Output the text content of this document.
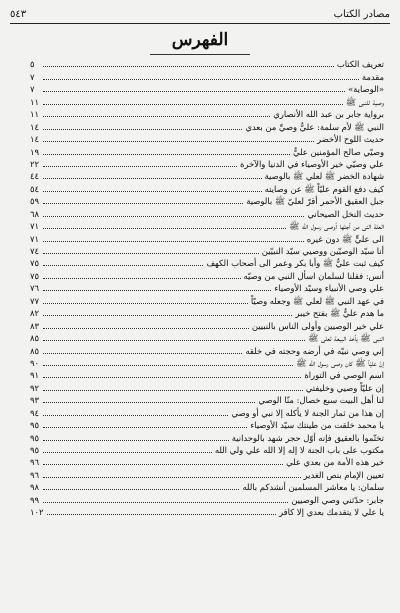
٥٤٣	مصادر الكتاب
الفهرس
تعريف الكتاب
٥
مقدمة
٧
«الوصاية»
٧
وصية للنبي ﷺ
١١
برواية جابر بن عبد الله الأنصاري
١١
النبي ﷺ لأم سلمة: عليٌّ وصيِّ من بعدي
١٤
حديث اللوح الأخضر
١٤
وصيّي صالح المؤمنين عليٌّ
١٩
علي وصيّي خير الأوصياء في الدنيا والآخرة
٢٢
شهادة الخضر ﷺ لعلي ﷺ بالوصية
٤٤
كيف دفع القوم عليّاً ﷺ عن وصايته
٥٤
جبل العقيق الأحمر أقرّ لعليّ ﷺ بالوصية
٥٩
حديث النخل الصيحاني
٦٨
العلة التي من أجلها أوصى رسول الله ﷺ
٧١
الى عليٍّ ﷺ دون غيره
٧١
أنا سيّد الوصيّين ووصيي سيّد النبيّين
٧٤
كيف ثبت عليٌّ ﷺ وأبا بكر وعمر الى أصحاب الكهف
٧٥
أنس: فقلنا لسلمان اسأل النبي من وصيّه
٧٥
علي وصي الأنبياء وسيّد الأوصياء
٧٦
في عهد النبي ﷺ لعلي ﷺ وجعله وصيّاً
٧٧
ما هدم عليٌّ ﷺ بفتح خيبر
٨٢
علي خير الوصيين وأولى الناس بالنبيين
٨٣
النبي ﷺ يأخذ البيعة لعلي ﷺ
٨٥
إني وصي نبيّه في أرضه وحجته في خلقه
٨٥
إنّ عليّاً ﷺ كان وصي رسول الله ﷺ
٩٠
اسم الوصي في التوراة
٩١
إن عليّاً وصيي وخليفتي
٩٢
لنا أهل البيت سبع خصال: منّا الوصي
٩٣
إن هذا من ثمار الجنة لا يأكله إلا نبي أو وصي
٩٤
يا محمد خلقت من طينتك سيّد الأوصياء
٩٥
تختّموا بالعقيق فإنه أوّل حجر شهد بالوحدانية
٩٥
مكتوب على باب الجنة لا إله إلا الله علي ولي الله
٩٥
خير هذه الأمة من بعدي علي
٩٦
تعيين الإمام بنص الغدير
٩٦
سلمان: يا معاشر المسلمين أنشدكم بالله
٩٨
جابر: حدّثني وصي الوصيين
٩٩
يا علي لا يتقدمك بعدي إلا كافر
١٠٢
